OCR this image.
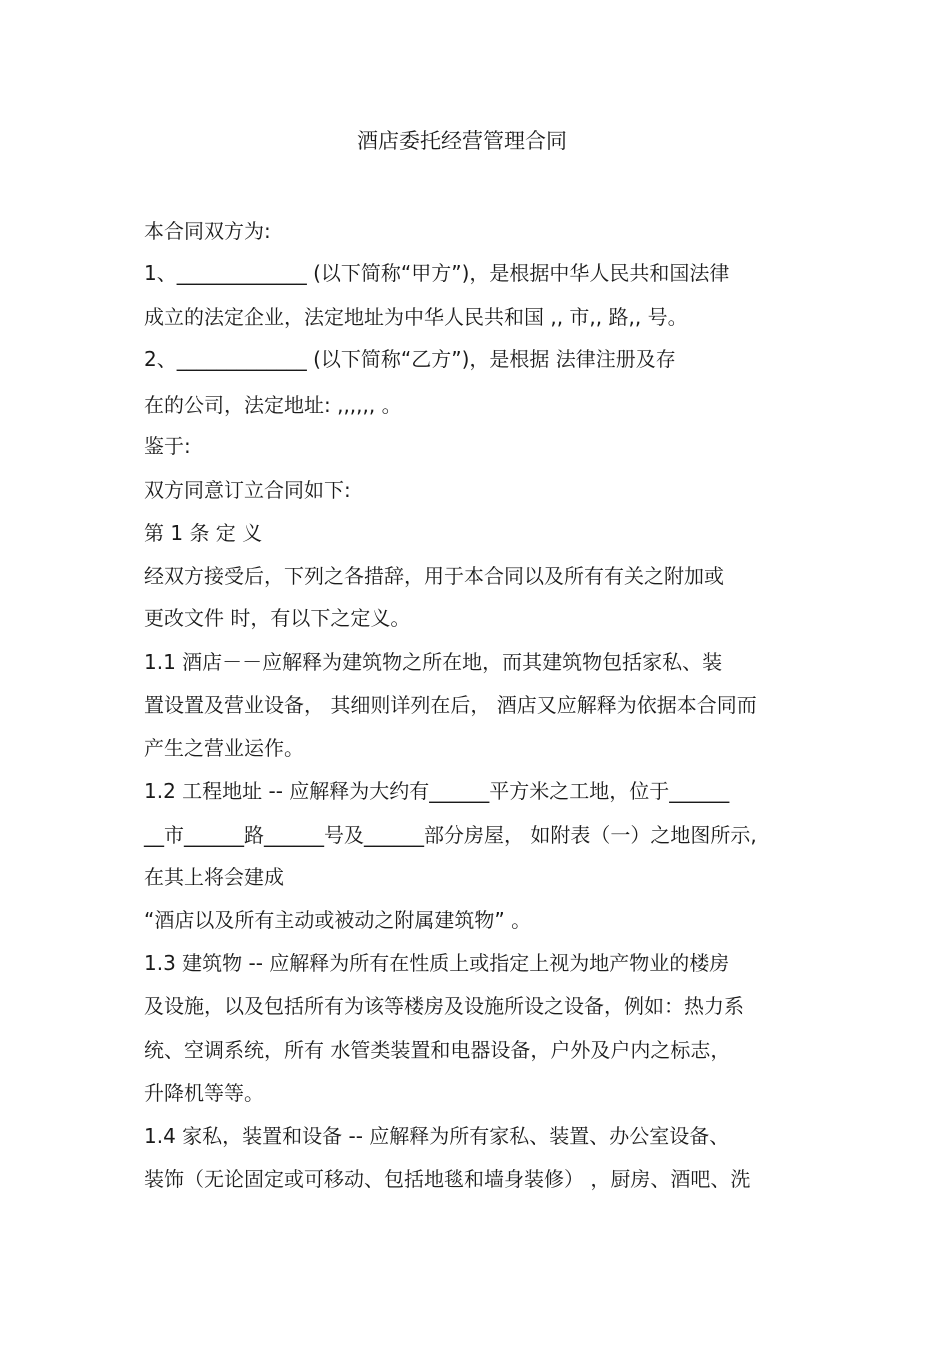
酒店委托经营管理合同
本合同双方为:
1、_____________ (以下简称“甲方”)，是根据中华人民共和国法律
成立的法定企业，法定地址为中华人民共和国 ,, 市,, 路,, 号。
2、_____________ (以下简称“乙方”)，是根据 法律注册及存
在的公司，法定地址: ,,,,,, 。
鉴于:
双方同意订立合同如下:
第 1 条 定 义
经双方接受后，下列之各措辞，用于本合同以及所有有关之附加或
更改文件 时，有以下之定义。
1.1 酒店－－应解释为建筑物之所在地，而其建筑物包括家私、装
置设置及营业设备， 其细则详列在后， 酒店又应解释为依据本合同而
产生之营业运作。
1.2 工程地址 -- 应解释为大约有______平方米之工地，位于______
__市______路______号及______部分房屋， 如附表（一）之地图所示,
在其上将会建成
“酒店以及所有主动或被动之附属建筑物” 。
1.3 建筑物 -- 应解释为所有在性质上或指定上视为地产物业的楼房
及设施，以及包括所有为该等楼房及设施所设之设备，例如：热力系
统、空调系统，所有 水管类装置和电器设备，户外及户内之标志，
升降机等等。
1.4 家私，装置和设备 -- 应解释为所有家私、装置、办公室设备、
装饰（无论固定或可移动、包括地毯和墙身装修） ，厨房、酒吧、洗
